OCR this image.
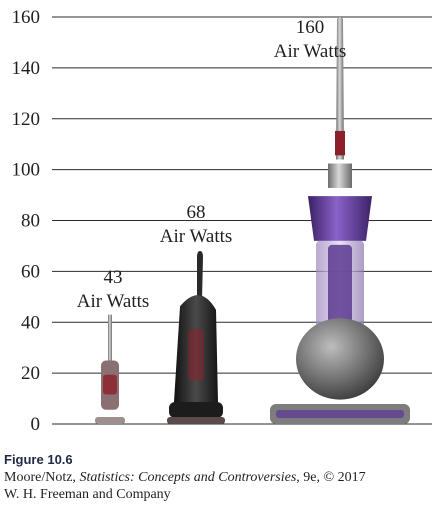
0
20
40
60
80
100
120
140
160
43
Air Watts
68
Air Watts
160
Air Watts
Figure 10.6
Moore/Notz, Statistics: Concepts and Controversies, 9e, © 2017
W. H. Freeman and Company
